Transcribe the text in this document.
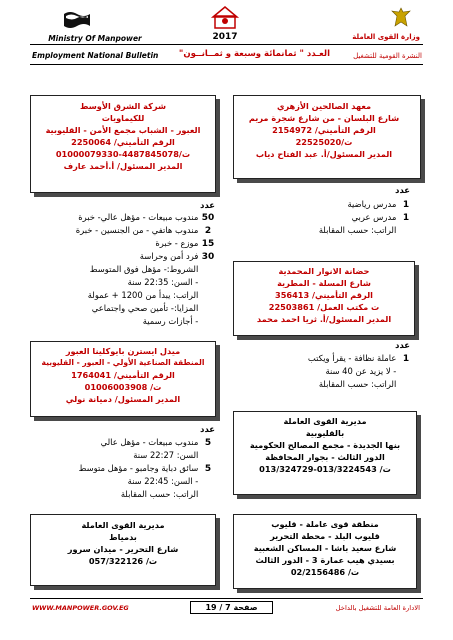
Ministry Of Manpower	2017	وزارة القوى العاملة
Employment National Bulletin	العـدد " ثمانمائة وسبعة و ثمــانــون"	النشرة القومية للتشغيل
معهد الصالحين الأزهري
شارع البلسان - من شارع شجرة مريم
الرقم التأميني/ 2154972
ت/22525020
المدير المسئول/أ. عبد الفتاح دياب
عدد
1 مدرس رياضية
1 مدرس عربي
الراتب: حسب المقابلة
حضانة الانوار المحمدية
شارع المسلة - المطرية
الرقم التأميني/ 356413
ت مكتب العمل/ 22503861
المدير المسئول/أ. ثريا احمد محمد
عدد
1 عاملة نظافة - يقرأ ويكتب
- لا يزيد عن 40 سنة
الراتب: حسب المقابلة
مديرية القوى العاملة
بالقليوبية
بنها الجديدة - مجمع المصالح الحكومية
الدور الثالث - بجوار المحافظة
ت/ 013/3224543-013/324729
منطقة قوى عاملة - قليوب
قليوب البلد - محطة التحرير
شارع سعيد باشا - المساكن الشعبية
بسيدي هيب عمارة 3 - الدور الثالث
ت/ 02/2156486
شركة الشرق الأوسط
للكيماويات
العبور - الشباب مجمع الأمن - القليوبية
الرقم التأميني/ 2250064
ت/4487845078-01000079330
المدير المسئول/ أ.أحمد عارف
عدد
50 مندوب مبيعات - مؤهل عالي- خبرة
2 مندوب هاتفي - من الجنسين - خبرة
15 موزع - خبرة
30 فرد أمن وحراسة
الشروط:- مؤهل فوق المتوسط
- السن: 22:35 سنة
الراتب: يبدأ من 1200 + عمولة
المزايا:- تأمين صحي واجتماعي
- أجازات رسمية
ميدل ايسترن بايوكلينا العبور
المنطقة الصناعية الأولي - العبور - القليوبية
الرقم التأميني/ 1764041
ت/ 01006003908
المدير المسئول/ دميانة نولي
عدد
5 مندوب مبيعات - مؤهل عالي
السن: 22:27 سنة
5 سائق دباية وجامبو - مؤهل متوسط
- السن: 22:45 سنة
الراتب: حسب المقابلة
مديرية القوى العاملة
بدمياط
شارع التحرير - ميدان سرور
ت/ 057/322126
WWW.MANPOWER.GOV.EG	صفحة 7 / 19	الادارة العامة للتشغيل بالداخل
